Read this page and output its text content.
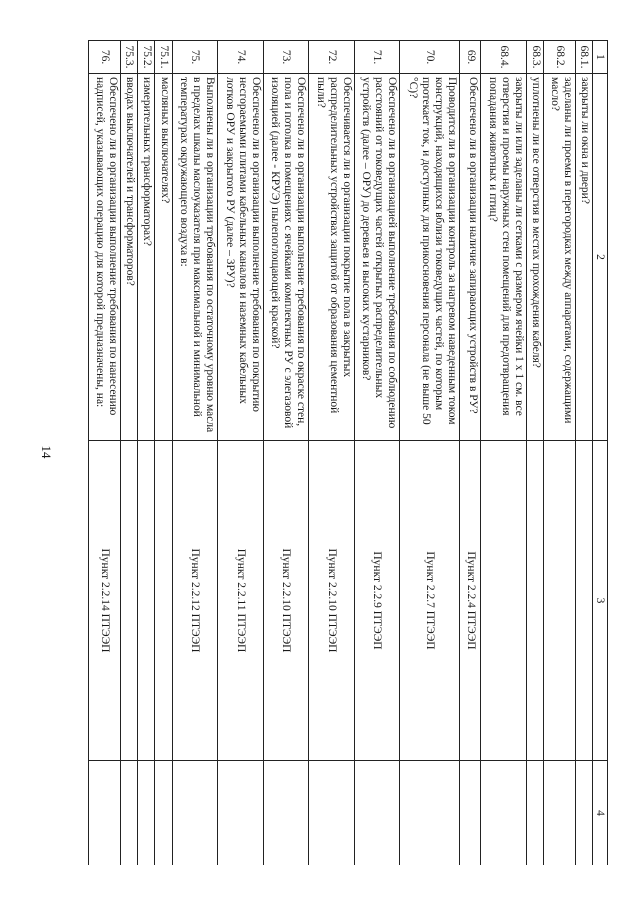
14
1	2	3	4
68.1.	закрыты ли окна и двери?		
68.2.	заделаны ли проемы в перегородках между аппаратами, содержащими масло?		
68.3.	уплотнены ли все отверстия в местах прохождения кабеля?		
68.4.	закрыты ли или заделаны ли сетками с размером ячейки 1 х 1 см. все отверстия и проемы наружных стен помещений для предотвращения попадания животных и птиц?		
69.	Обеспечено ли в организации наличие запирающих устройств в РУ?	Пункт 2.2.4 ПТЭЭП	
70.	Проводится ли в организации контроль за нагревом наведенным током конструкций, находящихся вблизи токоведущих частей, по которым протекает ток, и доступных для прикосновения персонала (не выше 50 °С)?	Пункт 2.2.7 ПТЭЭП	
71.	Обеспечено ли в организацией выполнение требования по соблюдению расстояний от токоведущих частей открытых распределительных устройств (далее – ОРУ) до деревьев и высоких кустарников?	Пункт 2.2.9 ПТЭЭП	
72.	Обеспечивается ли в организации покрытие пола в закрытых распределительных устройствах защитой от образования цементной пыли?	Пункт 2.2.10 ПТЭЭП	
73.	Обеспечено ли в организации выполнение требования по окраске стен, пола и потолка в помещениях с ячейками комплектных РУ с элегазовой изоляцией (далее - КРУЭ) пылепоглощающей краской?	Пункт 2.2.10 ПТЭЭП	
74.	Обеспечено ли в организации выполнение требования по покрытию несгораемыми плитами кабельных каналов и наземных кабельных лотков ОРУ и закрытого РУ (далее – ЗРУ)?	Пункт 2.2.11 ПТЭЭП	
75.	Выполнены ли в организации требования по остаточному уровню масла в пределах шкалы маслоуказателя при максимальной и минимальной температурах окружающего воздуха в:	Пункт 2.2.12 ПТЭЭП	
75.1.	масляных выключателях?		
75.2.	измерительных трансформаторах?		
75.3.	вводах выключателей и трансформаторов?		
76.	Обеспечено ли в организации выполнение требования по нанесению надписей, указывающих операцию для которой предназначены, на:	Пункт 2.2.14 ПТЭЭП	
